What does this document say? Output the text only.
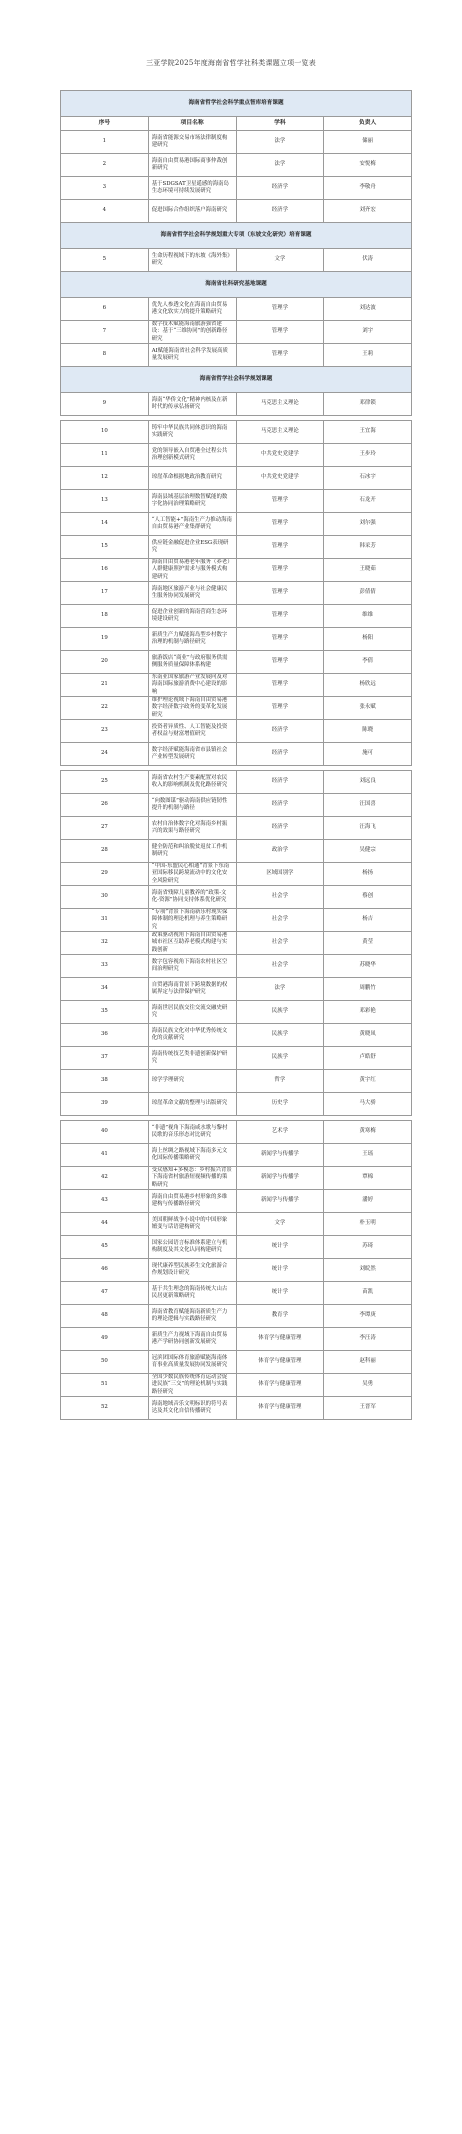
三亚学院2025年度海南省哲学社科类课题立项一览表
海南省哲学社会科学重点智库培育课题			
序号	项目名称	学科	负责人
1	海南省能源交易市场法律制度构建研究	法学	储丽
2	海南自由贸易港国际商事仲裁创新研究	法学	安悦梅
3	基于SDGSAT卫星遥感的海南岛生态环境可持续发展研究	经济学	李敬舟
4	促进国际合作组织落户海南研究	经济学	刘齐宏
海南省哲学社会科学规划重大专项（东坡文化研究）培育课题			
5	生命历程视域下的东坡《海外集》研究	文学	伏涛
海南省社科研究基地课题			
6	优先人参透文化在海南自由贸易港文化软实力的提升策略研究	管理学	刘达波
7	数字技术赋能海南旅游强省建设：基于“三维协同”的创新路径研究	管理学	刘宇
8	AI赋能海南省社会科学发展高质量发展研究	管理学	王莉
海南省哲学社会科学规划课题			
9	海南“华侨文化”精神内核及在新时代的传承弘扬研究	马克思主义理论	邓律锁

10	铸牢中华民族共同体意识的海南实践研究	马克思主义理论	王宜海
11	党的领导嵌入自贸港全过程公共治理创新模式研究	中共党史党建学	王步玲
12	琼崖革命根据地政治教育研究	中共党史党建学	石冰宇
13	海南县域基层治理数智赋能的数字化协同治理策略研究	管理学	石龙开
14	“人工智能+”海南生产力推动海南自由贸易港产业集群研究	管理学	刘尔强
15	供应链金融促进企业ESG表现研究	管理学	韩采芳
16	海南自由贸易港老年服务（养老）人群健康照护需求与服务模式构建研究	管理学	王晓茹
17	海南地区旅游产业与社会健康民生服务协同发展研究	管理学	彭倩倩
18	促进企业创新的海南营商生态环境建设研究	管理学	维维
19	新质生产力赋能海岛型乡村数字治理的机制与路径研究	管理学	杨阳
20	旅游饭店“商业”与政府服务供需侧服务质量保障体系构建	管理学	李倩
21	东南亚国家旅游产业发展向及对海南国际旅游消费中心建设的影响	管理学	杨欣远
22	维护理论视域下海南自由贸易港数字经济数字政务的变革化发展研究	管理学	张永赋
23	投资者异质性、人工智能及投资者权益与财富增值研究	经济学	陈晓
24	数字经济赋能海南省市县镇社会产业转型发展研究	经济学	施可

25	海南省农村生产要素配置对农民收入的影响机制及优化路径研究	经济学	刘远良
26	“向数图谋”驱动海南供应链韧性提升的机制与路径	经济学	汪国喜
27	农村自治体数字化对海南乡村振兴的效果与路径研究	经济学	汪海飞
28	健全防范和纠治脱贫返贫工作机制研究	政治学	吴健宗
29	“中国-东盟民心相通”背景下东南亚国际移民跨境流动中的文化安全风险研究	区域国别学	杨扬
30	海南省残障儿童教养的“政策-文化-资源”协同支持体系优化研究	社会学	蔡创
31	“专项”背景下海南新乐村现实保障体制的理论机理与养生策略研究	社会学	杨吉
32	政策驱动视角下海南自由贸易港城市社区互助养老模式构建与实践创新	社会学	黄莹
33	数字包容视角下海南农村社区空间治理研究	社会学	苏晓华
34	自贸港海南背景下跨境数据的权属界定与法律保护研究	法学	周鹏竹
35	海南世居民族交往交流交融史研究	民族学	邓彩艳
36	海南民族文化对中华优秀传统文化的贡献研究	民族学	黄晓凤
37	海南传统技艺类非遗创新保护研究	民族学	卢皓舒
38	琼学学理研究	哲学	黄宇红
39	琼崖革命文献的整理与出版研究	历史学	马大骄

40	“非遗”视角下海南咸水歌与黎村民歌的音乐形态对比研究	艺术学	黄寒梅
41	海上丝绸之路视域下海南多元文化国际传播策略研究	新闻学与传播学	王瑶
42	受众感知+多模态：乡村振兴背景下海南省村旅游短视频传播的策略研究	新闻学与传播学	覃棉
43	海南自由贸易港乡村形象的多维建构与传播路径研究	新闻学与传播学	潘婷
44	美国朝鲜战争小说中的中国形象嬗变与话语建构研究	文学	朴玉明
45	国家公园语言标准体系建立与机构制度及其文化认同构建研究	统计学	苏琦
46	现代康养型民族养生文化旅游合作规划设计研究	统计学	刘皖然
47	基于共生理念的海南传统大山古民居更新策略研究	统计学	苗凯
48	海南省教育赋能海南新质生产力的理论逻辑与实践路径研究	教育学	李谭庚
49	新质生产力视域下海南自由贸易港产学研协同创新发展研究	体育学与健康管理	李汪涛
50	冠滨团国际体育旅游赋能海南体育事业高质量发展协同发展研究	体育学与健康管理	赵科丽
51	全国少数民族传统体育运动会促进民族“三交”的理论机制与实践路径研究	体育学与健康管理	吴勇
52	海南地域音乐文明标识的符号表达及其文化自信传播研究	体育学与健康管理	王晋军
